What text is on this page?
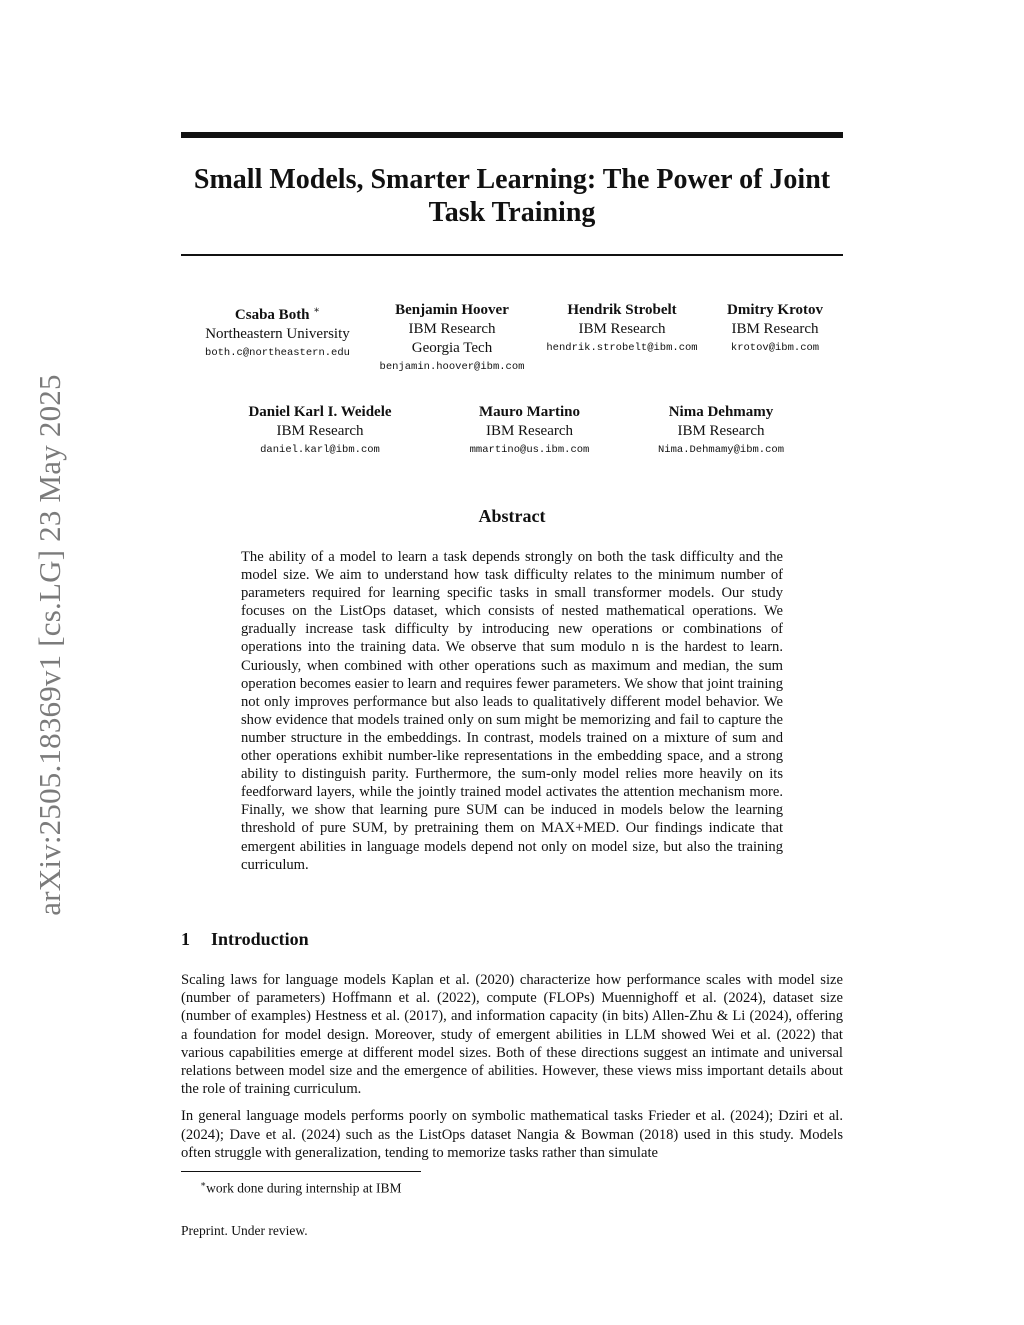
arXiv:2505.18369v1 [cs.LG] 23 May 2025
Small Models, Smarter Learning: The Power of Joint
Task Training
Csaba Both ∗
Northeastern University
both.c@northeastern.edu
Benjamin Hoover
IBM Research
Georgia Tech
benjamin.hoover@ibm.com
Hendrik Strobelt
IBM Research
hendrik.strobelt@ibm.com
Dmitry Krotov
IBM Research
krotov@ibm.com
Daniel Karl I. Weidele
IBM Research
daniel.karl@ibm.com
Mauro Martino
IBM Research
mmartino@us.ibm.com
Nima Dehmamy
IBM Research
Nima.Dehmamy@ibm.com
Abstract
The ability of a model to learn a task depends strongly on both the task difficulty and the model size. We aim to understand how task difficulty relates to the minimum number of parameters required for learning specific tasks in small transformer models. Our study focuses on the ListOps dataset, which consists of nested mathematical operations. We gradually increase task difficulty by introducing new operations or combinations of operations into the training data. We observe that sum modulo n is the hardest to learn. Curiously, when combined with other operations such as maximum and median, the sum operation becomes easier to learn and requires fewer parameters. We show that joint training not only improves performance but also leads to qualitatively different model behavior. We show evidence that models trained only on sum might be memorizing and fail to capture the number structure in the embeddings. In contrast, models trained on a mixture of sum and other operations exhibit number-like representations in the embedding space, and a strong ability to distinguish parity. Furthermore, the sum-only model relies more heavily on its feedforward layers, while the jointly trained model activates the attention mechanism more. Finally, we show that learning pure SUM can be induced in models below the learning threshold of pure SUM, by pretraining them on MAX+MED. Our findings indicate that emergent abilities in language models depend not only on model size, but also the training curriculum.
1 Introduction

Scaling laws for language models Kaplan et al. (2020) characterize how performance scales with model size (number of parameters) Hoffmann et al. (2022), compute (FLOPs) Muennighoff et al. (2024), dataset size (number of examples) Hestness et al. (2017), and information capacity (in bits) Allen-Zhu & Li (2024), offering a foundation for model design. Moreover, study of emergent abilities in LLM showed Wei et al. (2022) that various capabilities emerge at different model sizes. Both of these directions suggest an intimate and universal relations between model size and the emergence of abilities. However, these views miss important details about the role of training curriculum.

In general language models performs poorly on symbolic mathematical tasks Frieder et al. (2024); Dziri et al. (2024); Dave et al. (2024) such as the ListOps dataset Nangia & Bowman (2018) used in this study. Models often struggle with generalization, tending to memorize tasks rather than simulate

∗work done during internship at IBM
Preprint. Under review.
